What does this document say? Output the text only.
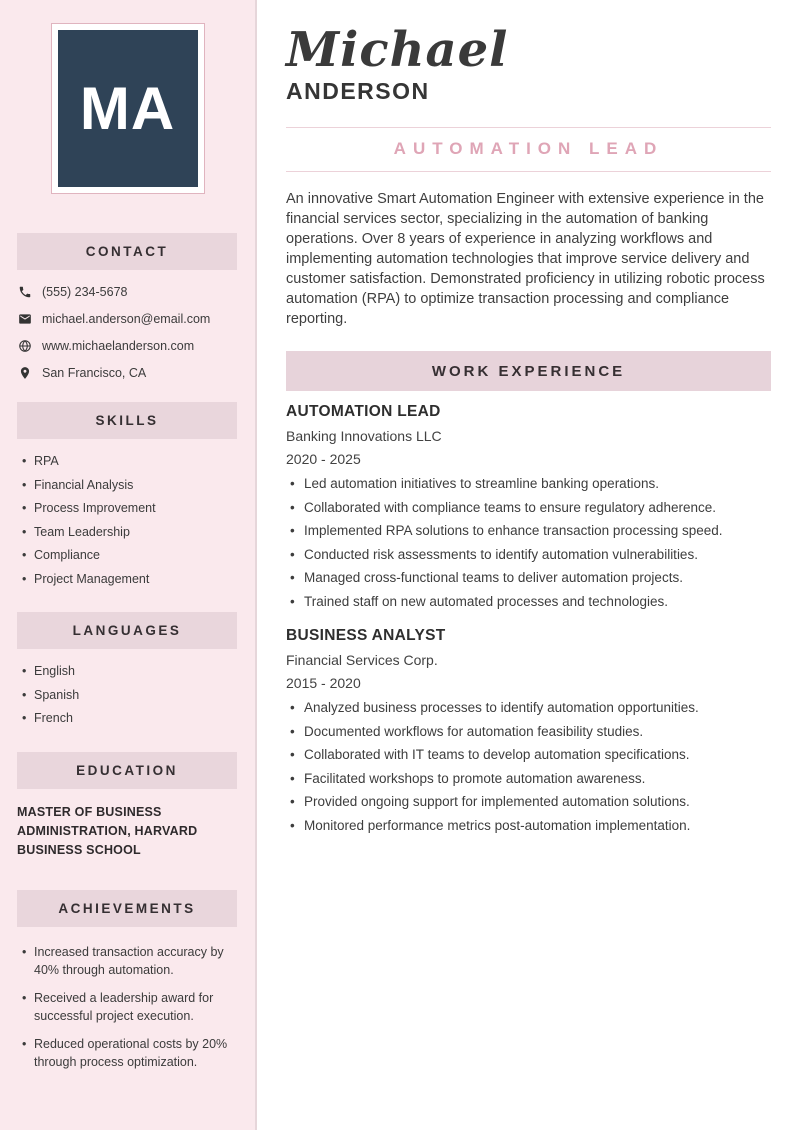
MA
CONTACT
(555) 234-5678
michael.anderson@email.com
www.michaelanderson.com
San Francisco, CA
SKILLS
• RPA
• Financial Analysis
• Process Improvement
• Team Leadership
• Compliance
• Project Management
LANGUAGES
• English
• Spanish
• French
EDUCATION
MASTER OF BUSINESS ADMINISTRATION, HARVARD BUSINESS SCHOOL
ACHIEVEMENTS
• Increased transaction accuracy by 40% through automation.
• Received a leadership award for successful project execution.
• Reduced operational costs by 20% through process optimization.
Michael
ANDERSON
AUTOMATION LEAD

An innovative Smart Automation Engineer with extensive experience in the financial services sector, specializing in the automation of banking operations. Over 8 years of experience in analyzing workflows and implementing automation technologies that improve service delivery and customer satisfaction. Demonstrated proficiency in utilizing robotic process automation (RPA) to optimize transaction processing and compliance reporting.

WORK EXPERIENCE
AUTOMATION LEAD
Banking Innovations LLC
2020 - 2025
• Led automation initiatives to streamline banking operations.
• Collaborated with compliance teams to ensure regulatory adherence.
• Implemented RPA solutions to enhance transaction processing speed.
• Conducted risk assessments to identify automation vulnerabilities.
• Managed cross-functional teams to deliver automation projects.
• Trained staff on new automated processes and technologies.
BUSINESS ANALYST
Financial Services Corp.
2015 - 2020
• Analyzed business processes to identify automation opportunities.
• Documented workflows for automation feasibility studies.
• Collaborated with IT teams to develop automation specifications.
• Facilitated workshops to promote automation awareness.
• Provided ongoing support for implemented automation solutions.
• Monitored performance metrics post-automation implementation.
